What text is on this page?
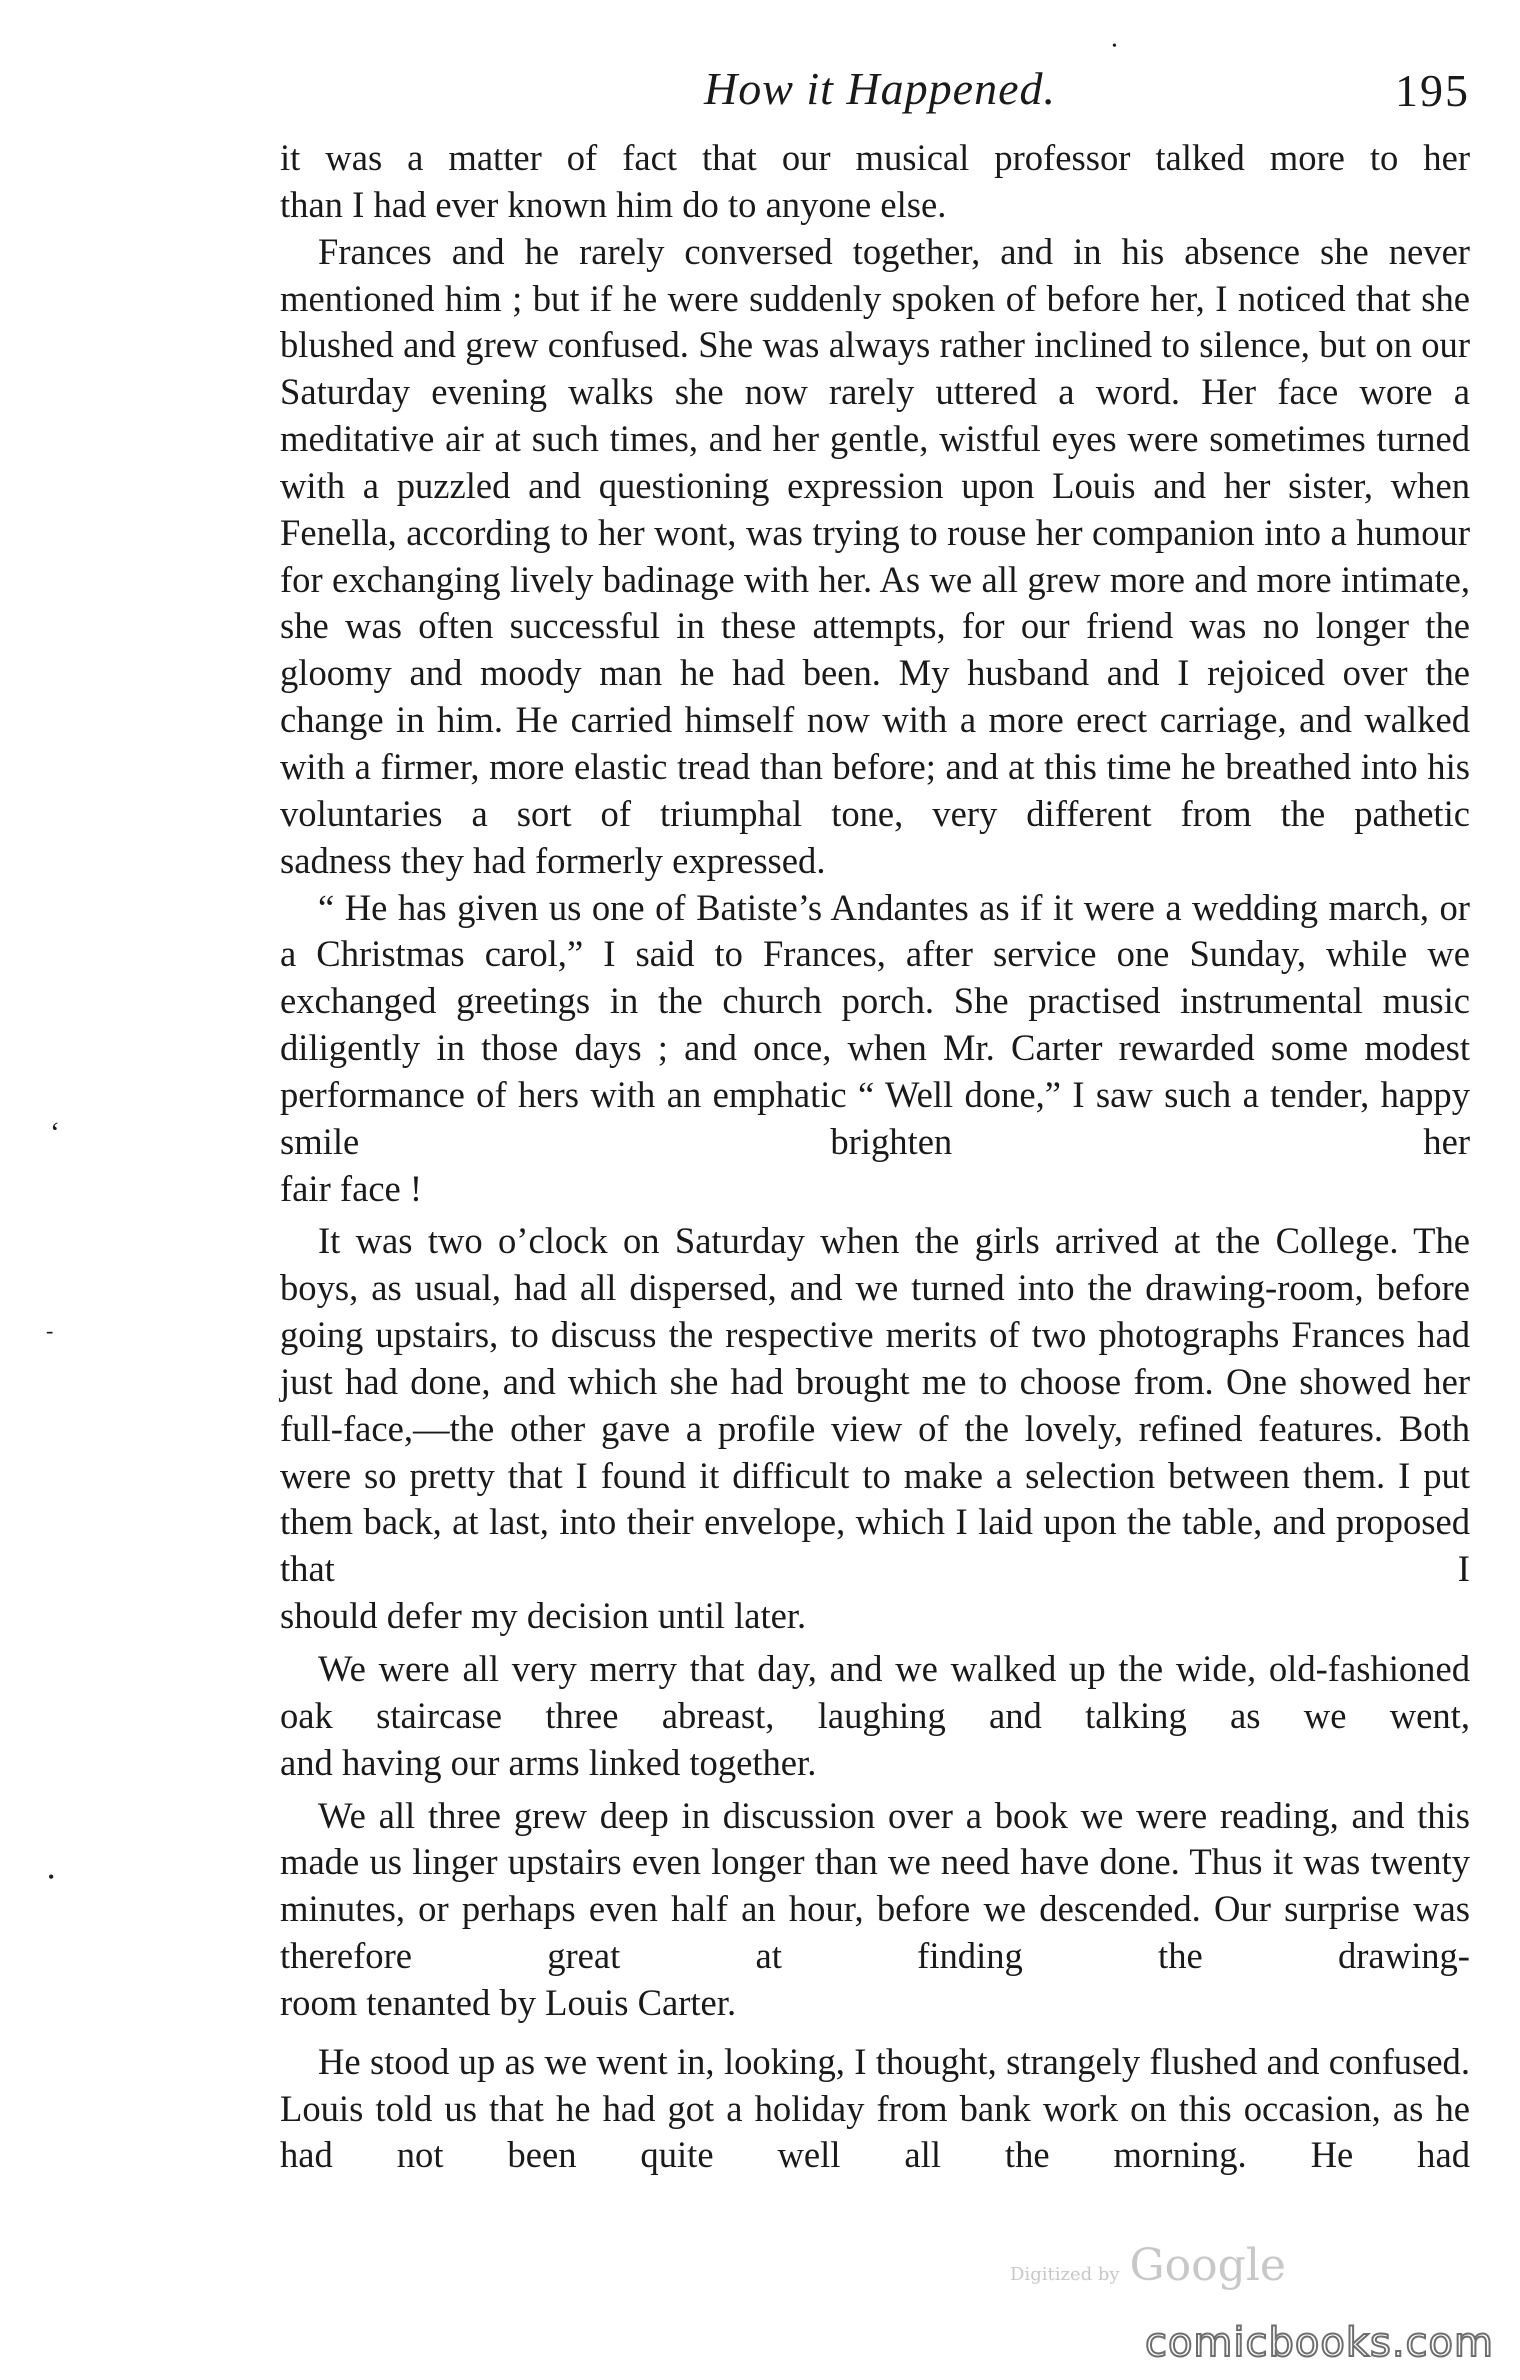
How it Happened.	195

it was a matter of fact that our musical professor talked more to her
than I had ever known him do to anyone else.

Frances and he rarely conversed together, and in his absence she never mentioned him ; but if he were suddenly spoken of before her, I noticed that she blushed and grew confused. She was always rather inclined to silence, but on our Saturday evening walks she now rarely uttered a word. Her face wore a meditative air at such times, and her gentle, wistful eyes were sometimes turned with a puzzled and questioning expression upon Louis and her sister, when Fenella, according to her wont, was trying to rouse her companion into a humour for exchanging lively badinage with her. As we all grew more and more intimate, she was often successful in these attempts, for our friend was no longer the gloomy and moody man he had been. My husband and I rejoiced over the change in him. He carried himself now with a more erect carriage, and walked with a firmer, more elastic tread than before; and at this time he breathed into his voluntaries a sort of triumphal tone, very different from the pathetic
sadness they had formerly expressed.

“ He has given us one of Batiste’s Andantes as if it were a wedding march, or a Christmas carol,” I said to Frances, after service one Sunday, while we exchanged greetings in the church porch. She practised instrumental music diligently in those days ; and once, when Mr. Carter rewarded some modest performance of hers with an emphatic “ Well done,” I saw such a tender, happy smile brighten her
fair face !

It was two o’clock on Saturday when the girls arrived at the College. The boys, as usual, had all dispersed, and we turned into the drawing-room, before going upstairs, to discuss the respective merits of two photographs Frances had just had done, and which she had brought me to choose from. One showed her full-face,—the other gave a profile view of the lovely, refined features. Both were so pretty that I found it difficult to make a selection between them. I put them back, at last, into their envelope, which I laid upon the table, and proposed that I
should defer my decision until later.

We were all very merry that day, and we walked up the wide, old-fashioned oak staircase three abreast, laughing and talking as we went,
and having our arms linked together.

We all three grew deep in discussion over a book we were reading, and this made us linger upstairs even longer than we need have done. Thus it was twenty minutes, or perhaps even half an hour, before we descended. Our surprise was therefore great at finding the drawing-
room tenanted by Louis Carter.

He stood up as we went in, looking, I thought, strangely flushed and confused. Louis told us that he had got a holiday from bank work on this occasion, as he had not been quite well all the morning. He had

‘
-
•
•
Digitized by Google
comicbooks.com
